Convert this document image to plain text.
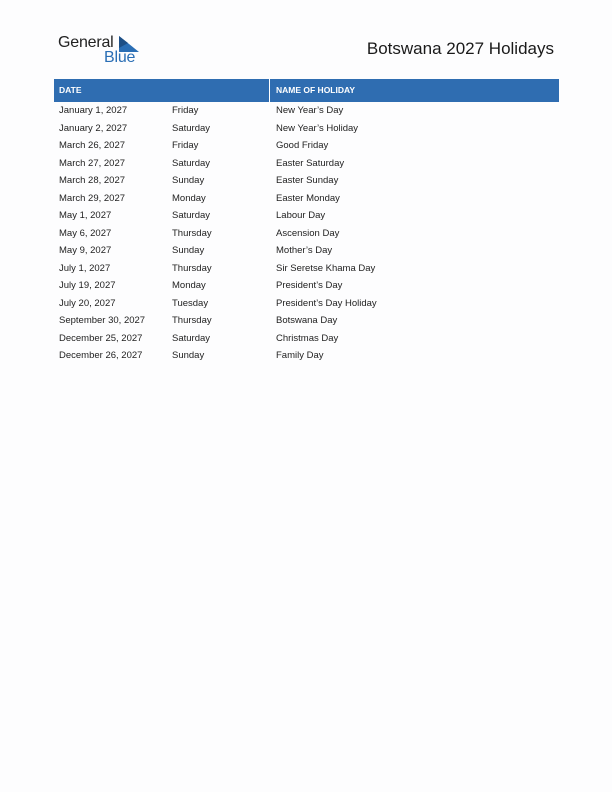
General
Blue	Botswana 2027 Holidays
DATE	NAME OF HOLIDAY
January 1, 2027	Friday	New Year’s Day
January 2, 2027	Saturday	New Year’s Holiday
March 26, 2027	Friday	Good Friday
March 27, 2027	Saturday	Easter Saturday
March 28, 2027	Sunday	Easter Sunday
March 29, 2027	Monday	Easter Monday
May 1, 2027	Saturday	Labour Day
May 6, 2027	Thursday	Ascension Day
May 9, 2027	Sunday	Mother’s Day
July 1, 2027	Thursday	Sir Seretse Khama Day
July 19, 2027	Monday	President’s Day
July 20, 2027	Tuesday	President’s Day Holiday
September 30, 2027	Thursday	Botswana Day
December 25, 2027	Saturday	Christmas Day
December 26, 2027	Sunday	Family Day
